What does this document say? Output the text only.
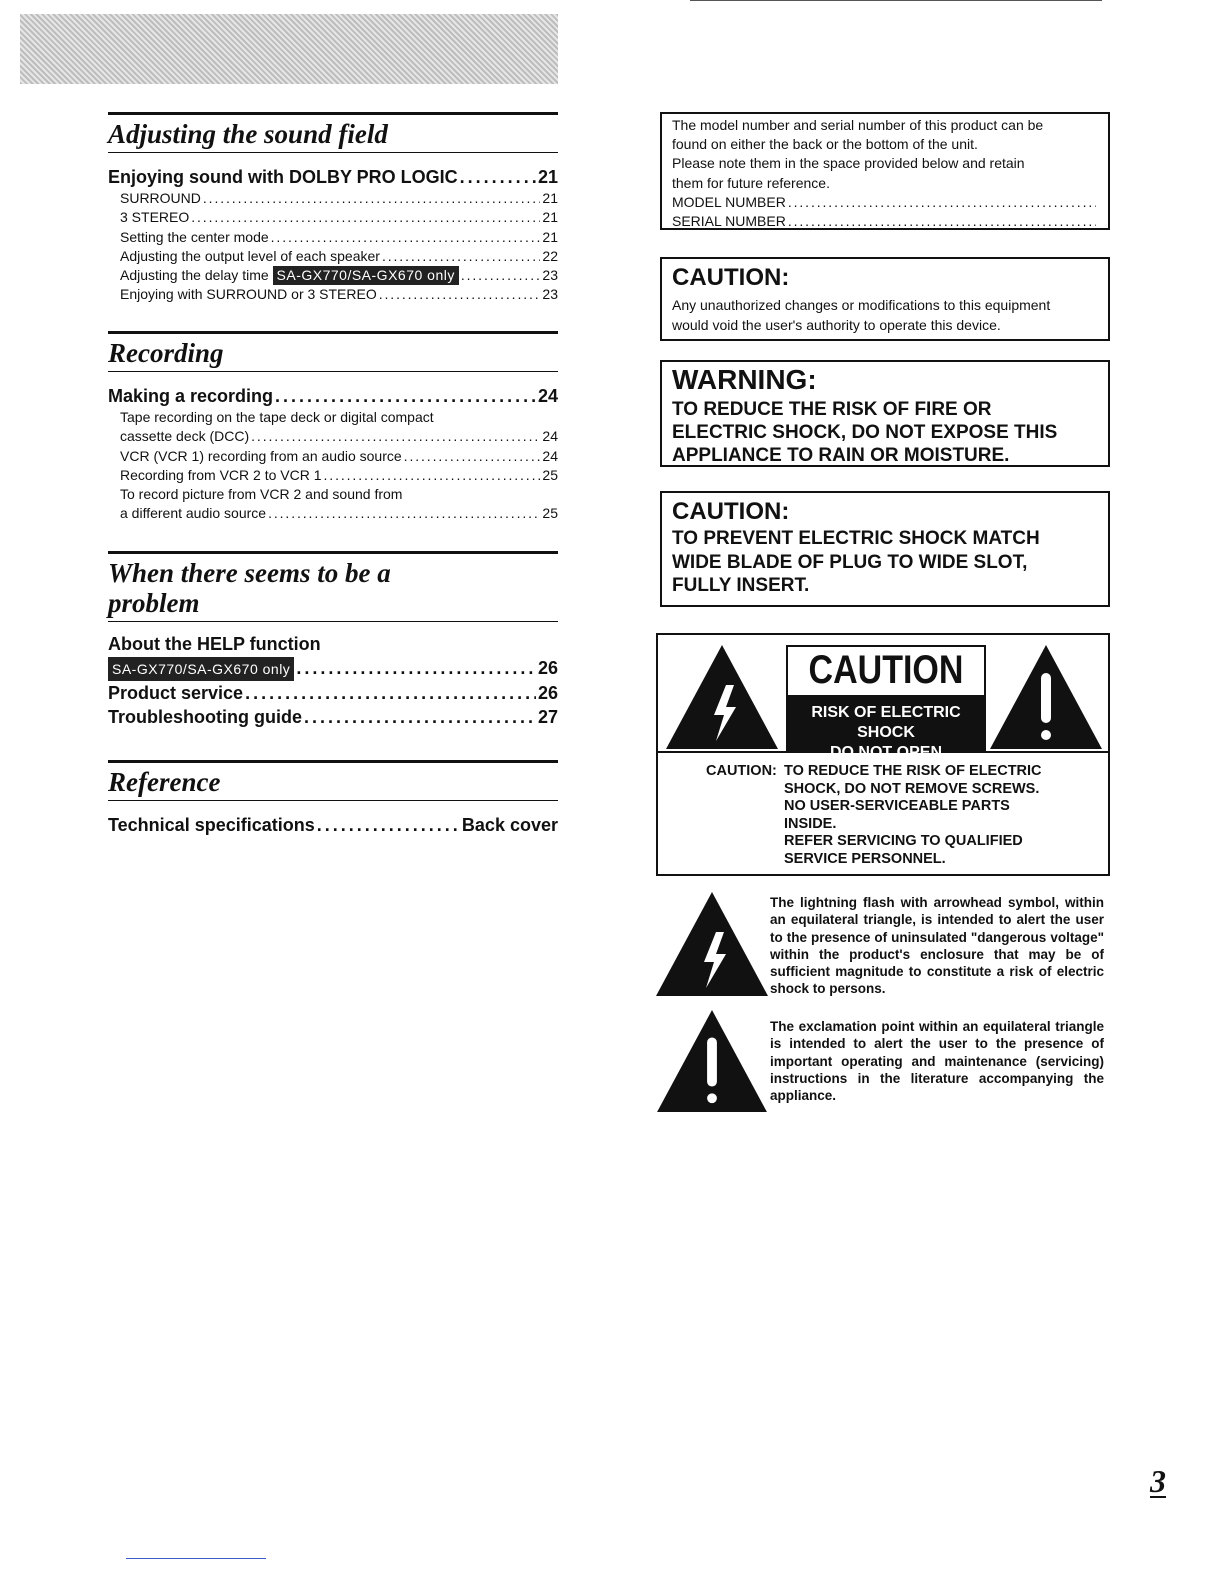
Adjusting the sound field
Enjoying sound with DOLBY PRO LOGIC . . .	21
SURROUND . . .	21
3 STEREO . . .	21
Setting the center mode . . .	21
Adjusting the output level of each speaker . . .	22
Adjusting the delay time
SA-GX770/SA-GX670 only . . .	23
Enjoying with SURROUND or 3 STEREO . . .	23
Recording
Making a recording . . .	24
Tape recording on the tape deck or digital compact
cassette deck (DCC) . . .	24
VCR (VCR 1) recording from an audio source . . .	24
Recording from VCR 2 to VCR 1 . . .	25
To record picture from VCR 2 and sound from
a different audio source . . .	25
When there seems to be a
problem
About the HELP function
SA-GX770/SA-GX670 only . . .	26
Product service . . .	26
Troubleshooting guide . . .	27
Reference
Technical specifications . . .	Back cover
The model number and serial number of this product can be
found on either the back or the bottom of the unit.
Please note them in the space provided below and retain
them for future reference.
MODEL NUMBER
. . .
SERIAL NUMBER
. . .
CAUTION:
Any unauthorized changes or modifications to this equipment
would void the user's authority to operate this device.
WARNING:
TO REDUCE THE RISK OF FIRE OR
ELECTRIC SHOCK, DO NOT EXPOSE THIS
APPLIANCE TO RAIN OR MOISTURE.
CAUTION:
TO PREVENT ELECTRIC SHOCK MATCH
WIDE BLADE OF PLUG TO WIDE SLOT,
FULLY INSERT.
CAUTION
RISK OF ELECTRIC SHOCK
DO NOT OPEN
CAUTION: TO REDUCE THE RISK OF ELECTRIC
SHOCK, DO NOT REMOVE SCREWS.
NO USER-SERVICEABLE PARTS
INSIDE.
REFER SERVICING TO QUALIFIED
SERVICE PERSONNEL.
The lightning flash with arrowhead symbol, within an equilateral triangle, is intended to alert the user to the presence of uninsulated "dangerous voltage" within the product's enclosure that may be of sufficient magnitude to constitute a risk of electric shock to persons.
The exclamation point within an equilateral triangle is intended to alert the user to the presence of important operating and maintenance (servicing) instructions in the literature accompanying the appliance.
3
